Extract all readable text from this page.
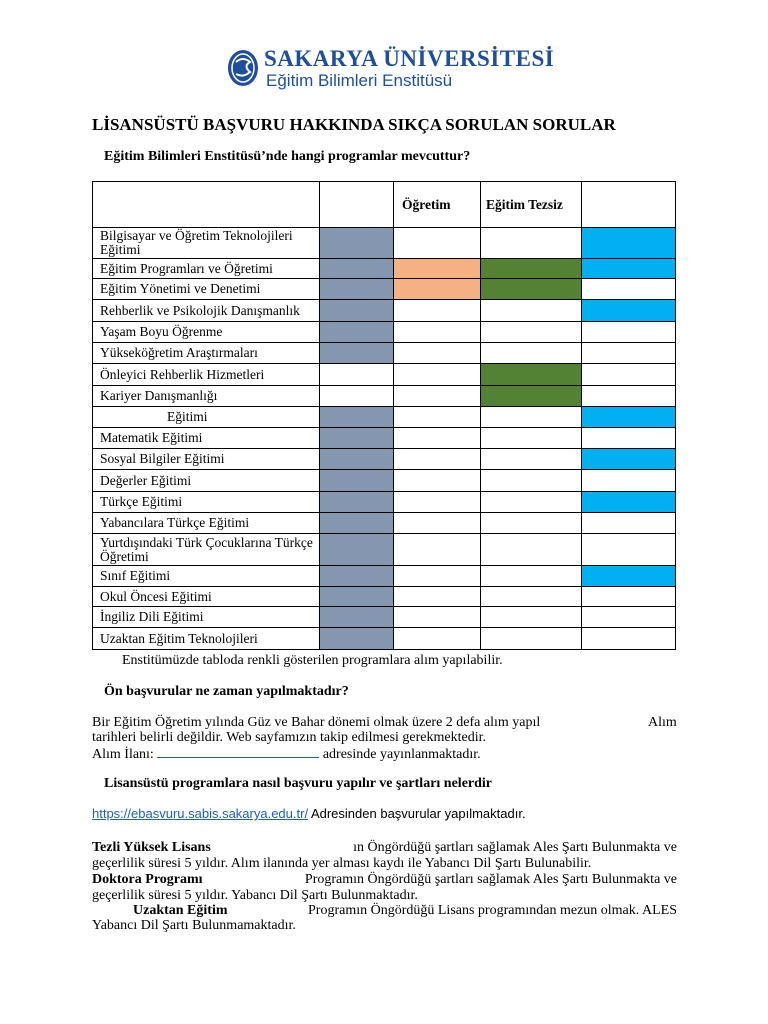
SAKARYA ÜNİVERSİTESİ
Eğitim Bilimleri Enstitüsü
LİSANSÜSTÜ BAŞVURU HAKKINDA SIKÇA SORULAN SORULAR
Eğitim Bilimleri Enstitüsü’nde hangi programlar mevcuttur?
		Öğretim	Eğitim Tezsiz	
Bilgisayar ve Öğretim Teknolojileri Eğitimi				
Eğitim Programları ve Öğretimi				
Eğitim Yönetimi ve Denetimi				
Rehberlik ve Psikolojik Danışmanlık				
Yaşam Boyu Öğrenme				
Yükseköğretim Araştırmaları				
Önleyici Rehberlik Hizmetleri				
Kariyer Danışmanlığı				
Eğitimi				
Matematik Eğitimi				
Sosyal Bilgiler Eğitimi				
Değerler Eğitimi				
Türkçe Eğitimi				
Yabancılara Türkçe Eğitimi				
Yurtdışındaki Türk Çocuklarına Türkçe Öğretimi				
Sınıf Eğitimi				
Okul Öncesi Eğitimi				
İngiliz Dili Eğitimi				
Uzaktan Eğitim Teknolojileri				
Enstitümüzde tabloda renkli gösterilen programlara alım yapılabilir.
Ön başvurular ne zaman yapılmaktadır?
Bir Eğitim Öğretim yılında Güz ve Bahar dönemi olmak üzere 2 defa alım yapıl	Alım
tarihleri belirli değildir. Web sayfamızın takip edilmesi gerekmektedir.
Alım İlanı:	adresinde yayınlanmaktadır.
Lisansüstü programlara nasıl başvuru yapılır ve şartları nelerdir
https://ebasvuru.sabis.sakarya.edu.tr/ Adresinden başvurular yapılmaktadır.
Tezli Yüksek Lisans	ın Öngördüğü şartları sağlamak Ales Şartı Bulunmakta ve
geçerlilik süresi 5 yıldır. Alım ilanında yer alması kaydı ile Yabancı Dil Şartı Bulunabilir.
Doktora Programı	Programın Öngördüğü şartları sağlamak Ales Şartı Bulunmakta ve
geçerlilik süresi 5 yıldır. Yabancı Dil Şartı Bulunmaktadır.
Uzaktan Eğitim	Programın Öngördüğü Lisans programından mezun olmak. ALES
Yabancı Dil Şartı Bulunmamaktadır.
